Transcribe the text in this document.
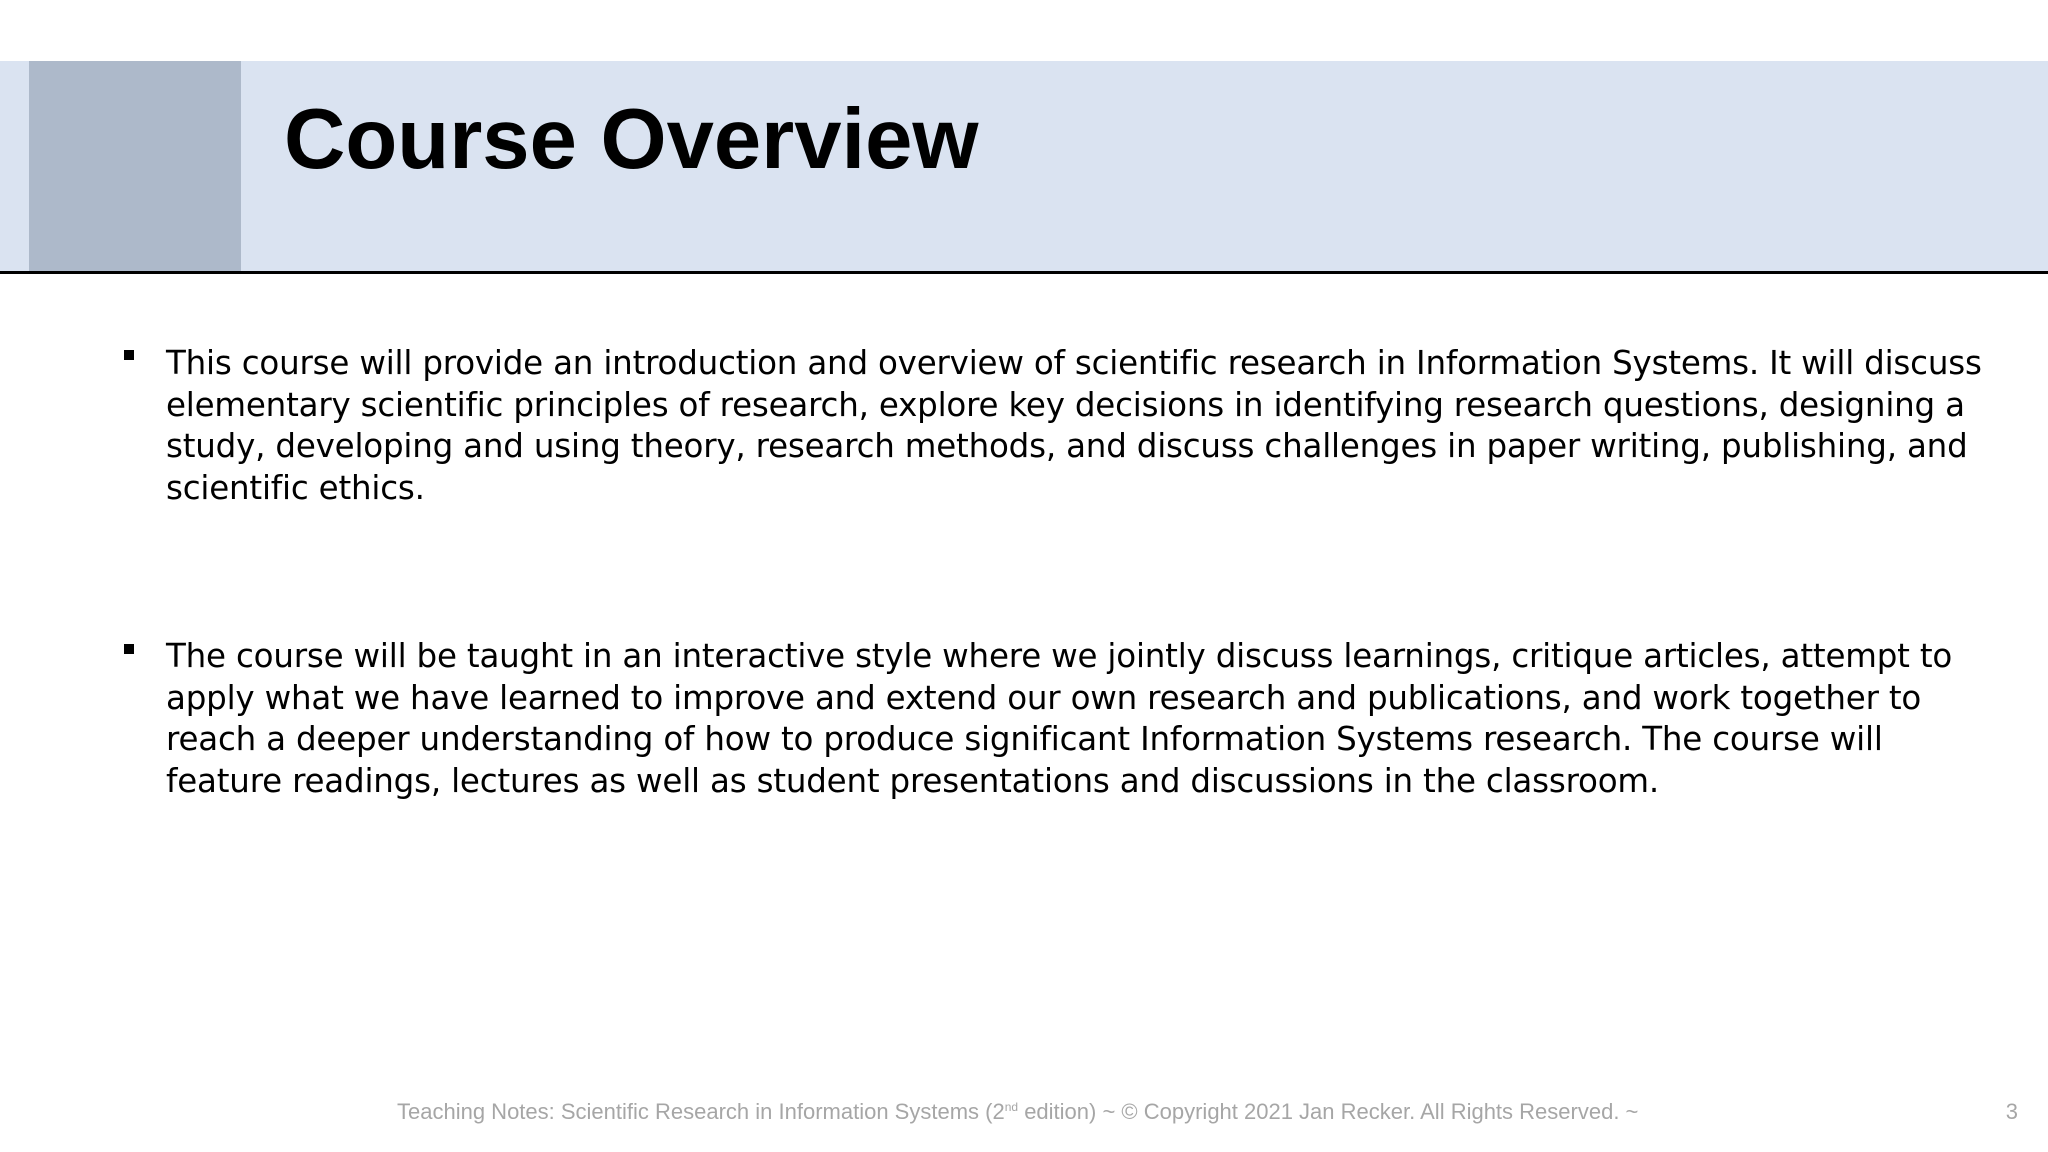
Course Overview
This course will provide an introduction and overview of scientific research in Information Systems. It will discuss elementary scientific principles of research, explore key decisions in identifying research questions, designing a study, developing and using theory, research methods, and discuss challenges in paper writing, publishing, and scientific ethics.
The course will be taught in an interactive style where we jointly discuss learnings, critique articles, attempt to apply what we have learned to improve and extend our own research and publications, and work together to reach a deeper understanding of how to produce significant Information Systems research. The course will feature readings, lectures as well as student presentations and discussions in the classroom.
Teaching Notes: Scientific Research in Information Systems (2nd edition) ~ © Copyright 2021 Jan Recker. All Rights Reserved. ~	3
